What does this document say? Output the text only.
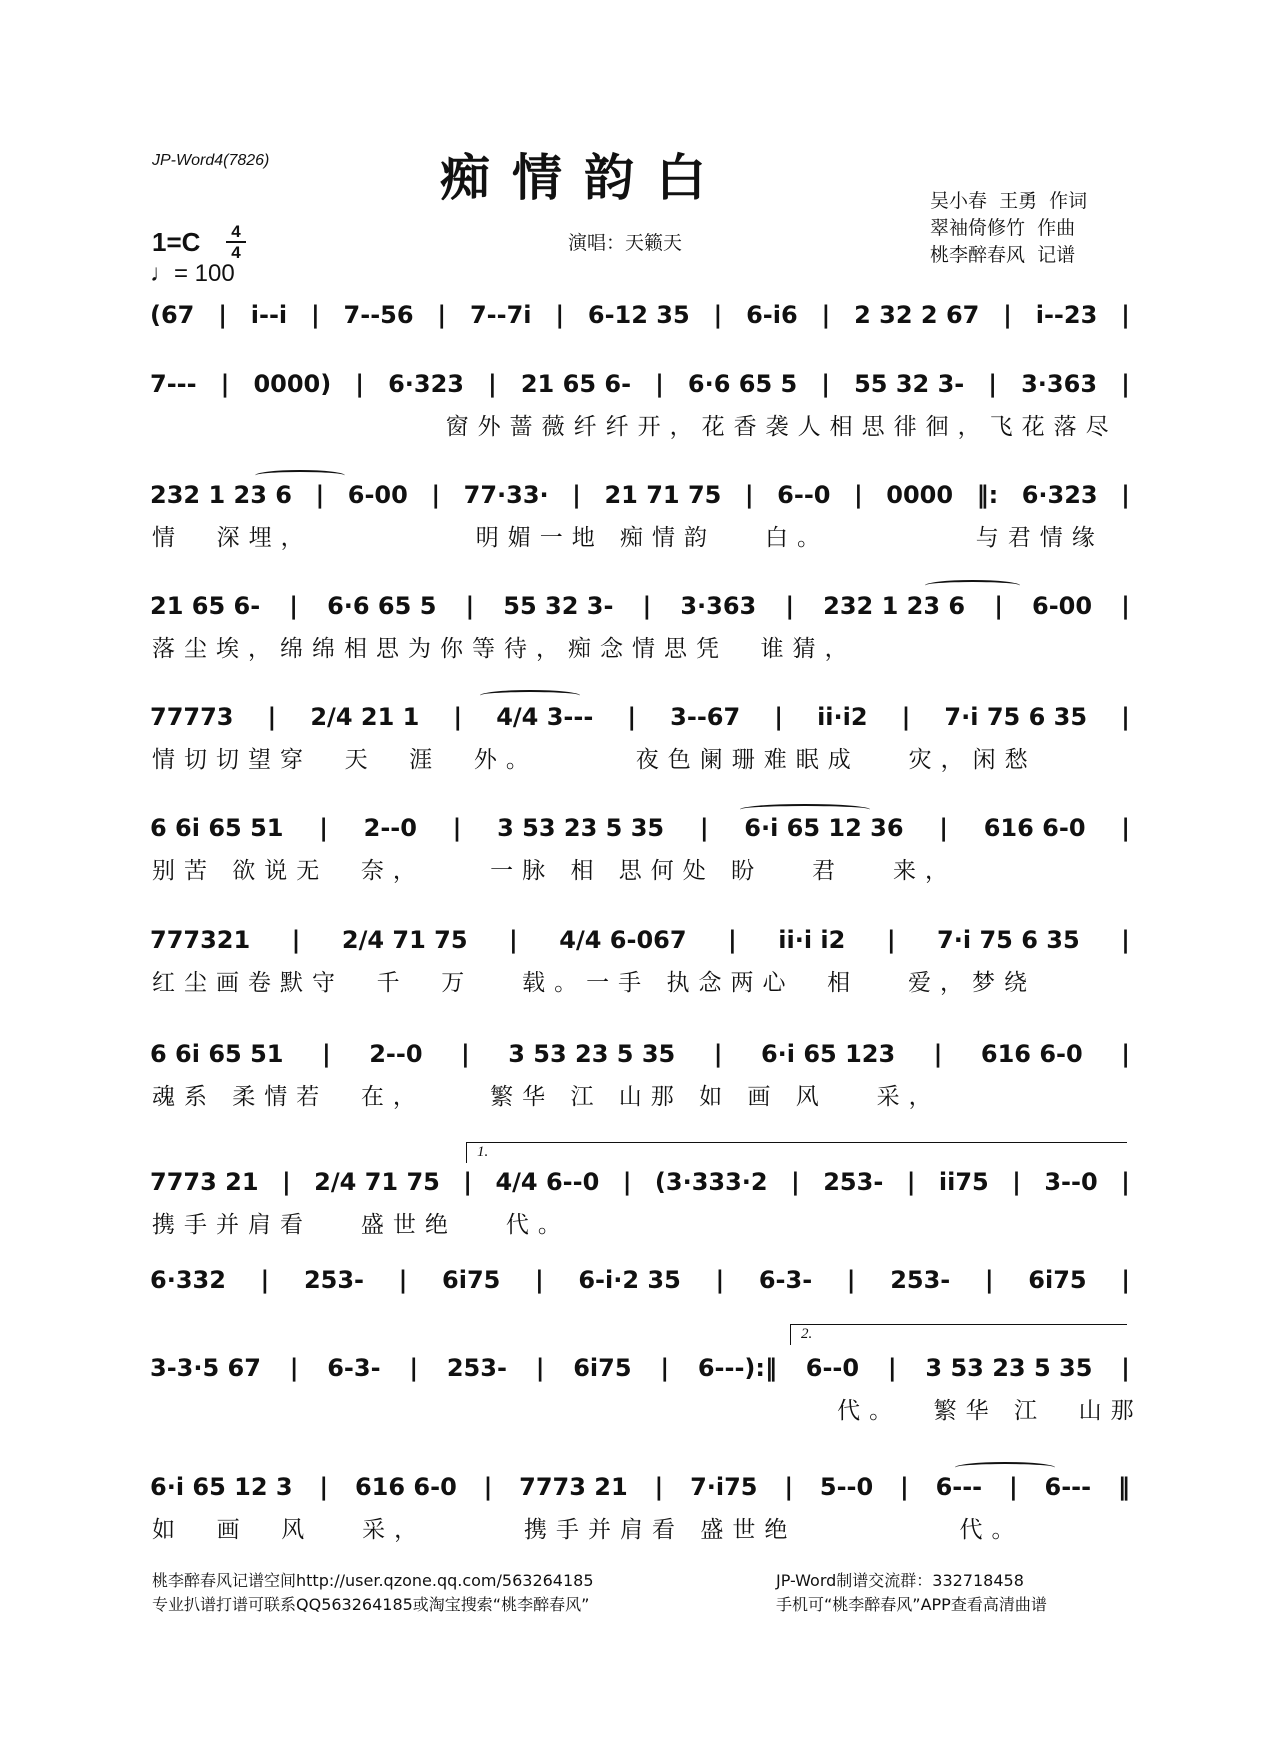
JP-Word4(7826)	痴情韵白
演唱：天籁天
吴小春  王勇  作词
翠袖倚修竹  作曲
桃李醉春风  记谱
1=C	4
4
♩= 100
(67 | i--i | 7--56 | 7--7i | 6-12 35 | 6-i6 | 2 32 2 67 | i--23 |
7--- | 0000) | 6·323 | 21 65 6- | 6·6 65 5 | 55 32 3- | 3·363 |
窗外蔷薇纤纤开，花香袭人相思徘徊，飞花落尽
232 1 23 6 | 6-00 | 77·33· | 21 71 75 | 6--0 | 0000 ‖: 6·323 |
情  深埋，          明媚一地 痴情韵   白。         与君情缘
21 65 6- | 6·6 65 5 | 55 32 3- | 3·363 | 232 1 23 6 | 6-00 |
落尘埃，绵绵相思为你等待，痴念情思凭  谁猜，
77773 | 2/4 21 1 | 4/4 3--- | 3--67 | ii·i2 | 7·i 75 6 35 |
情切切望穿  天  涯  外。      夜色阑珊难眠成   灾，闲愁
6 6i 65 51 | 2--0 | 3 53 23 5 35 | 6·i 65 12 36 | 616 6-0 |
别苦 欲说无  奈，    一脉 相 思何处 盼   君   来，
777321 | 2/4 71 75 | 4/4 6-067 | ii·i i2 | 7·i 75 6 35 |
红尘画卷默守  千  万   载。一手 执念两心  相   爱，梦绕
6 6i 65 51 | 2--0 | 3 53 23 5 35 | 6·i 65 123 | 616 6-0 |
魂系 柔情若  在，    繁华 江 山那 如 画 风   采，
1.
7773 21 | 2/4 71 75 | 4/4 6--0 | (3·333·2 | 253- | ii75 | 3--0 |
携手并肩看   盛世绝   代。
6·332 | 253- | 6i75 | 6-i·2 35 | 6-3- | 253- | 6i75 |
2.
3-3·5 67 | 6-3- | 253- | 6i75 | 6---):‖ 6--0 | 3 53 23 5 35 |
代。  繁华 江  山那
6·i 65 12 3 | 616 6-0 | 7773 21 | 7·i75 | 5--0 | 6--- | 6--- ‖
如  画  风   采，      携手并肩看 盛世绝          代。
桃李醉春风记谱空间http://user.qzone.qq.com/563264185
专业扒谱打谱可联系QQ563264185或淘宝搜索“桃李醉春风”
JP-Word制谱交流群：332718458
手机可“桃李醉春风”APP查看高清曲谱
